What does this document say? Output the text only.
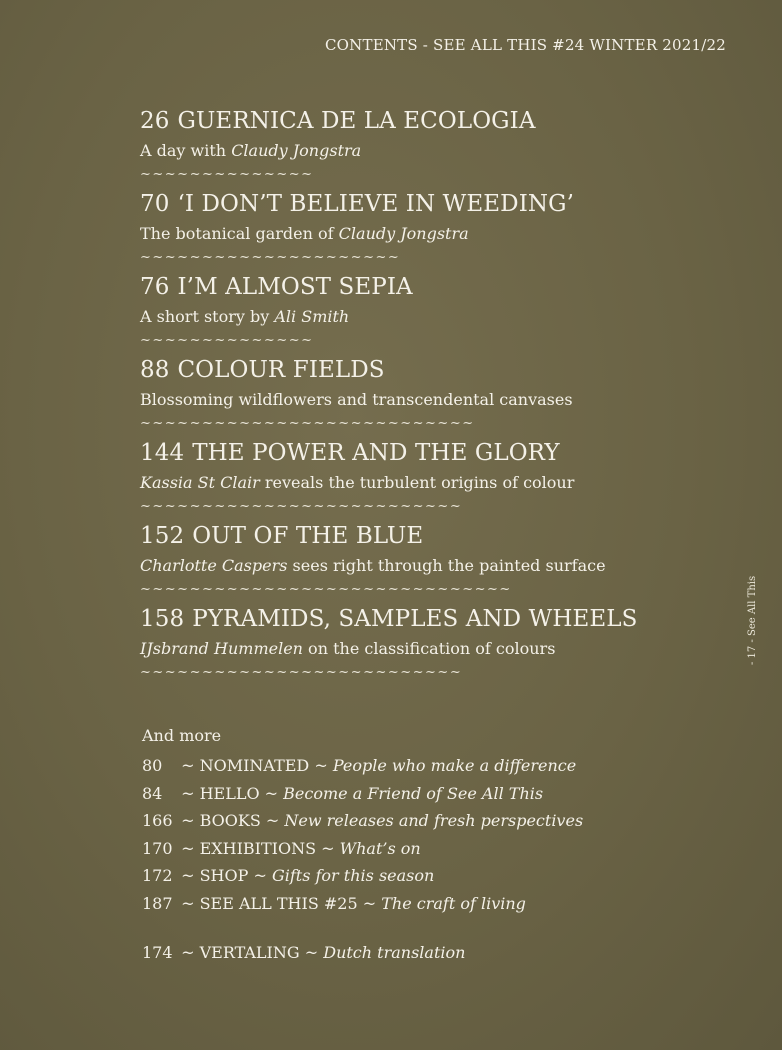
CONTENTS - SEE ALL THIS #24 WINTER 2021/22
26 GUERNICA DE LA ECOLOGIA
A day with Claudy Jongstra
~~~~~~~~~~~~~~
70 ‘I DON’T BELIEVE IN WEEDING’
The botanical garden of Claudy Jongstra
~~~~~~~~~~~~~~~~~~~~~
76 I’M ALMOST SEPIA
A short story by Ali Smith
~~~~~~~~~~~~~~
88 COLOUR FIELDS
Blossoming wildflowers and transcendental canvases
~~~~~~~~~~~~~~~~~~~~~~~~~~~
144 THE POWER AND THE GLORY
Kassia St Clair reveals the turbulent origins of colour
~~~~~~~~~~~~~~~~~~~~~~~~~~
152 OUT OF THE BLUE
Charlotte Caspers sees right through the painted surface
~~~~~~~~~~~~~~~~~~~~~~~~~~~~~~
158 PYRAMIDS, SAMPLES AND WHEELS
IJsbrand Hummelen on the classification of colours
~~~~~~~~~~~~~~~~~~~~~~~~~~
And more
80 ~ NOMINATED ~ People who make a difference
84 ~ HELLO ~ Become a Friend of See All This
166 ~ BOOKS ~ New releases and fresh perspectives
170 ~ EXHIBITIONS ~ What’s on
172 ~ SHOP ~ Gifts for this season
187 ~ SEE ALL THIS #25 ~ The craft of living
174 ~ VERTALING ~ Dutch translation
- 17 - See All This
